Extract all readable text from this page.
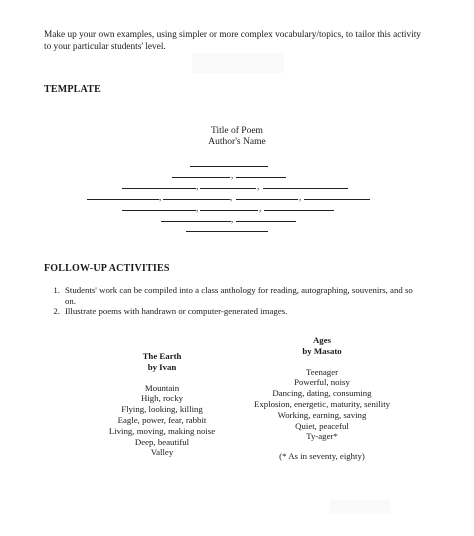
Make up your own examples, using simpler or more complex vocabulary/topics, to tailor this activity to your particular students' level.
TEMPLATE
Title of Poem
Author's Name
,
,	,
,	,	,
,	,
,
FOLLOW-UP ACTIVITIES
1. Students' work can be compiled into a class anthology for reading, autographing, souvenirs, and so on.
2. Illustrate poems with handrawn or computer-generated images.
The Earth
by Ivan
Mountain
High, rocky
Flying, looking, killing
Eagle, power, fear, rabbit
Living, moving, making noise
Deep, beautiful
Valley
Ages
by Masato
Teenager
Powerful, noisy
Dancing, dating, consuming
Explosion, energetic, maturity, senility
Working, earning, saving
Quiet, peaceful
Ty-ager*
(* As in seventy, eighty)
